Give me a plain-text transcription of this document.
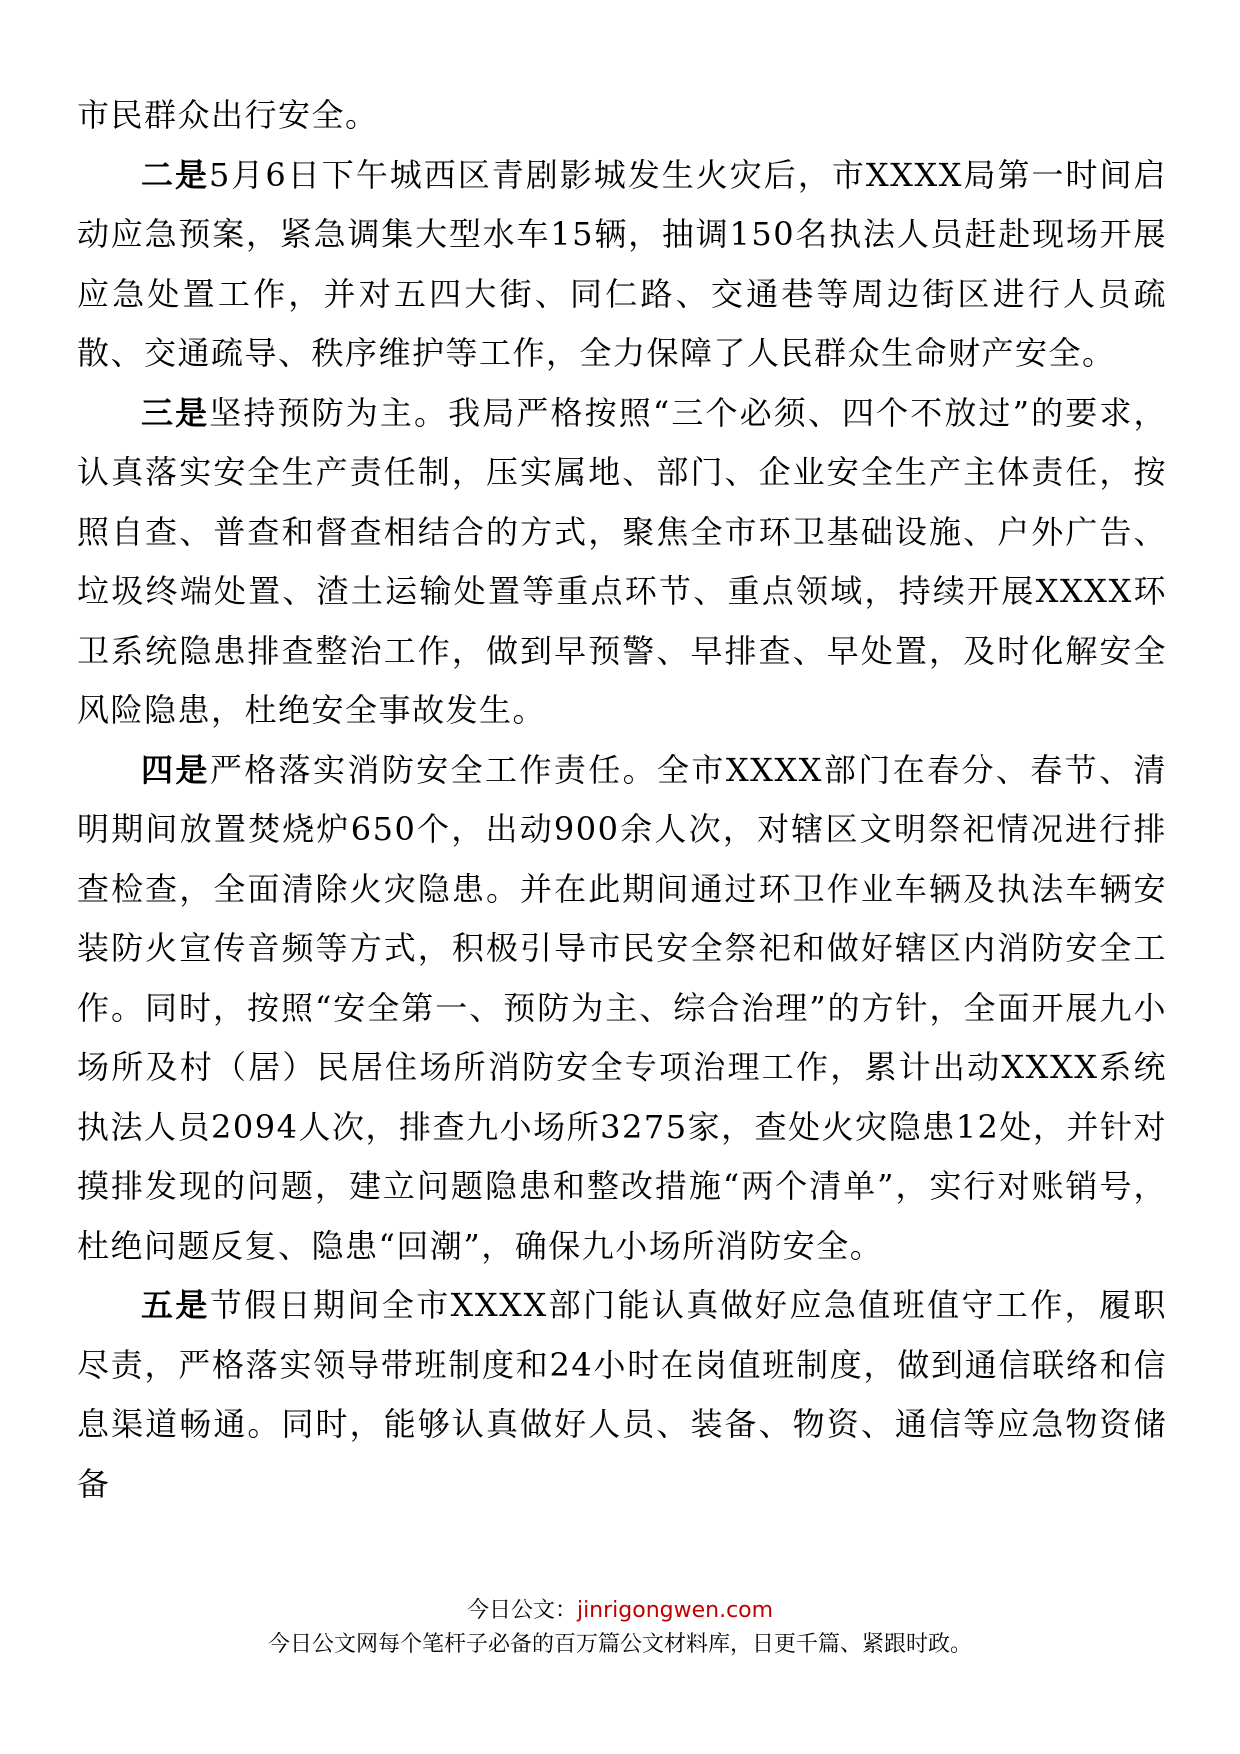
市民群众出行安全。

二是5月6日下午城西区青剧影城发生火灾后，市XXXX局第一时间启动应急预案，紧急调集大型水车15辆，抽调150名执法人员赶赴现场开展应急处置工作，并对五四大街、同仁路、交通巷等周边街区进行人员疏散、交通疏导、秩序维护等工作，全力保障了人民群众生命财产安全。

三是坚持预防为主。我局严格按照“三个必须、四个不放过”的要求，认真落实安全生产责任制，压实属地、部门、企业安全生产主体责任，按照自查、普查和督查相结合的方式，聚焦全市环卫基础设施、户外广告、垃圾终端处置、渣土运输处置等重点环节、重点领域，持续开展XXXX环卫系统隐患排查整治工作，做到早预警、早排查、早处置，及时化解安全风险隐患，杜绝安全事故发生。

四是严格落实消防安全工作责任。全市XXXX部门在春分、春节、清明期间放置焚烧炉650个，出动900余人次，对辖区文明祭祀情况进行排查检查，全面清除火灾隐患。并在此期间通过环卫作业车辆及执法车辆安装防火宣传音频等方式，积极引导市民安全祭祀和做好辖区内消防安全工作。同时，按照“安全第一、预防为主、综合治理”的方针，全面开展九小场所及村（居）民居住场所消防安全专项治理工作，累计出动XXXX系统执法人员2094人次，排查九小场所3275家，查处火灾隐患12处，并针对摸排发现的问题，建立问题隐患和整改措施“两个清单”，实行对账销号，杜绝问题反复、隐患“回潮”，确保九小场所消防安全。

五是节假日期间全市XXXX部门能认真做好应急值班值守工作，履职尽责，严格落实领导带班制度和24小时在岗值班制度，做到通信联络和信息渠道畅通。同时，能够认真做好人员、装备、物资、通信等应急物资储备

今日公文：jinrigongwen.com
今日公文网每个笔杆子必备的百万篇公文材料库，日更千篇、紧跟时政。
